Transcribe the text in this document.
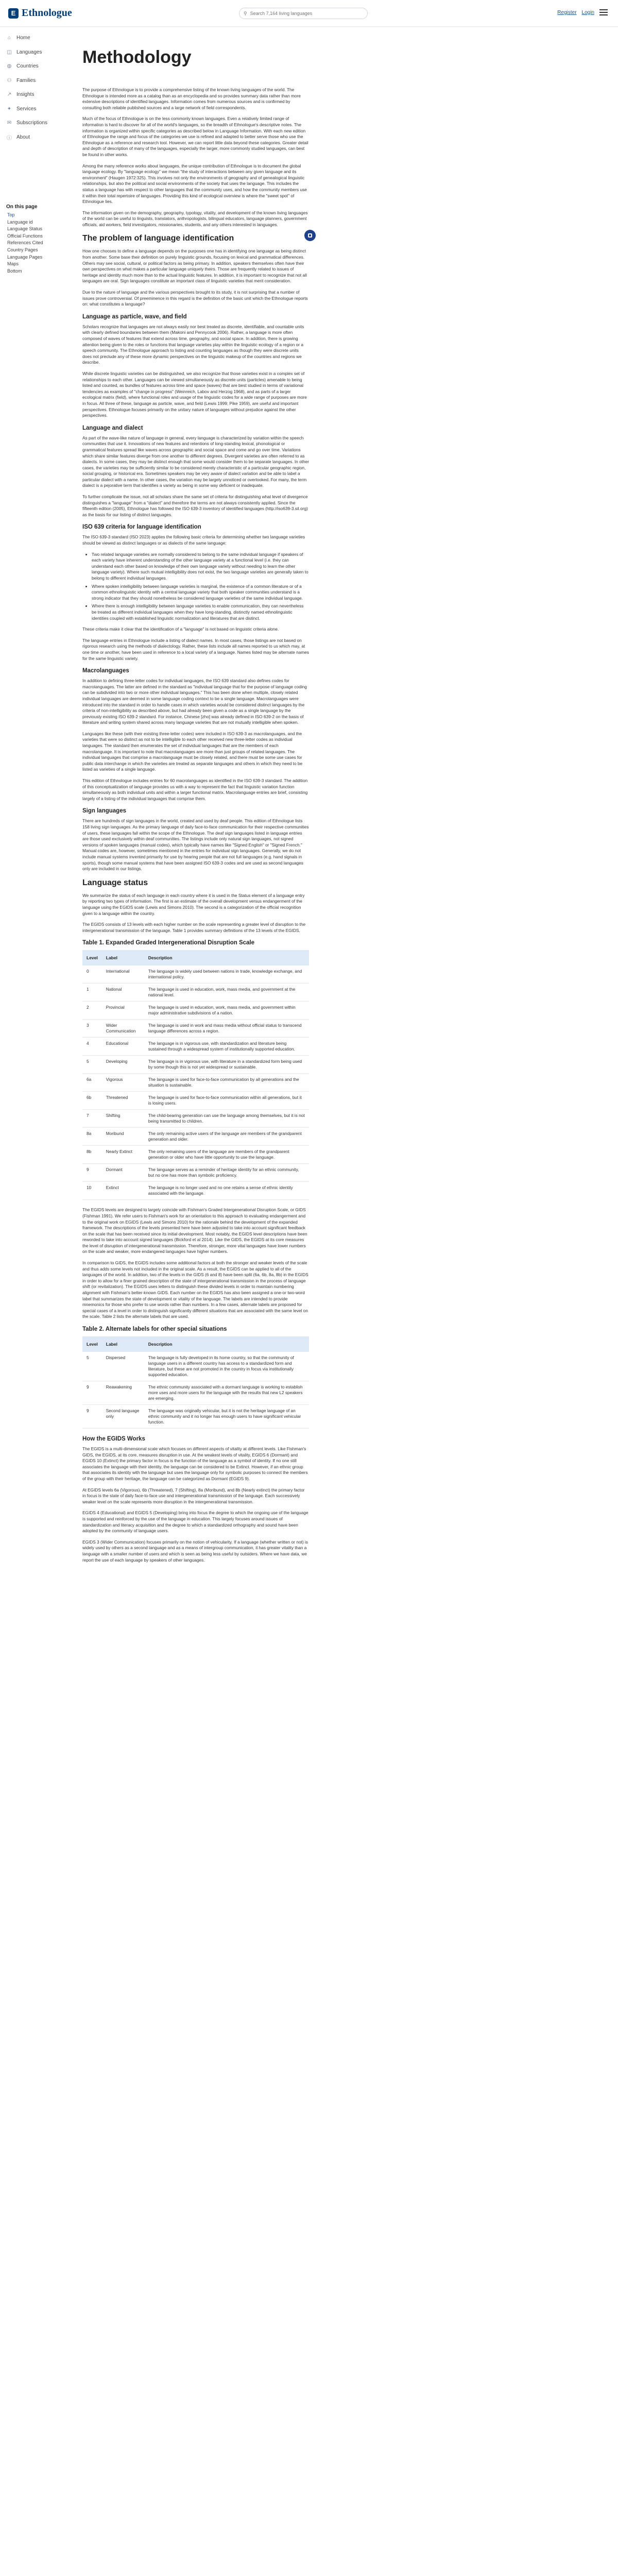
E Ethnologue	⚲
Search 7,164 living languages	Register Login
⌂ Home
◫ Languages
◍ Countries
⚇ Families
↗ Insights
✦ Services
✉ Subscriptions
ⓘ About
On this page
Top
Language id
Language Status
Official Functions
References Cited
Country Pages
Language Pages
Maps
Bottom
Methodology

The purpose of Ethnologue is to provide a comprehensive listing of the known living languages of the world. The Ethnologue is intended more as a catalog than as an encyclopedia and so provides summary data rather than more extensive descriptions of identified languages. Information comes from numerous sources and is confirmed by consulting both reliable published sources and a large network of field correspondents.

Much of the focus of Ethnologue is on the less commonly known languages. Even a relatively limited range of information is hard to discover for all of the world's languages, so the breadth of Ethnologue's descriptive notes. The information is organized within specific categories as described below in Language Information. With each new edition of Ethnologue the range and focus of the categories we use is refined and adapted to better serve those who use the Ethnologue as a reference and research tool. However, we can report little data beyond these categories. Greater detail and depth of description of many of the languages, especially the larger, more commonly studied languages, can best be found in other works.

Among the many reference works about languages, the unique contribution of Ethnologue is to document the global language ecology. By "language ecology" we mean "the study of interactions between any given language and its environment" (Haugen 1972:325). This involves not only the environments of geography and of genealogical linguistic relationships, but also the political and social environments of the society that uses the language. This includes the status a language has with respect to other languages that the community uses, and how the community members use it within their total repertoire of languages. Providing this kind of ecological overview is where the "sweet spot" of Ethnologue lies.

The information given on the demography, geography, typology, vitality, and development of the known living languages of the world can be useful to linguists, translators, anthropologists, bilingual educators, language planners, government officials, aid workers, field investigators, missionaries, students, and any others interested in languages.

The problem of language identification

How one chooses to define a language depends on the purposes one has in identifying one language as being distinct from another. Some base their definition on purely linguistic grounds, focusing on lexical and grammatical differences. Others may see social, cultural, or political factors as being primary. In addition, speakers themselves often have their own perspectives on what makes a particular language uniquely theirs. Those are frequently related to issues of heritage and identity much more than to the actual linguistic features. In addition, it is important to recognize that not all languages are oral. Sign languages constitute an important class of linguistic varieties that merit consideration.

Due to the nature of language and the various perspectives brought to its study, it is not surprising that a number of issues prove controversial. Of preeminence in this regard is the definition of the basic unit which the Ethnologue reports on: what constitutes a language?

Language as particle, wave, and field

Scholars recognize that languages are not always easily nor best treated as discrete, identifiable, and countable units with clearly defined boundaries between them (Makoni and Pennycook 2006). Rather, a language is more often composed of waves of features that extend across time, geography, and social space. In addition, there is growing attention being given to the roles or functions that language varieties play within the linguistic ecology of a region or a speech community. The Ethnologue approach to listing and counting languages as though they were discrete units does not preclude any of these more dynamic perspectives on the linguistic makeup of the countries and regions we describe.

While discrete linguistic varieties can be distinguished, we also recognize that those varieties exist in a complex set of relationships to each other. Languages can be viewed simultaneously as discrete units (particles) amenable to being listed and counted, as bundles of features across time and space (waves) that are best studied in terms of variational tendencies as examples of "change in progress" (Weinreich, Labov and Herzog 1968), and as parts of a larger ecological matrix (field), where functional roles and usage of the linguistic codes for a wide range of purposes are more in focus. All three of these, language as particle, wave, and field (Lewis 1999; Pike 1959), are useful and important perspectives. Ethnologue focuses primarily on the unitary nature of languages without prejudice against the other perspectives.

Language and dialect

As part of the wave-like nature of language in general, every language is characterized by variation within the speech communities that use it. Innovations of new features and retentions of long-standing lexical, phonological or grammatical features spread like waves across geographic and social space and come and go over time. Variations which share similar features diverge from one another to different degrees. Divergent varieties are often referred to as dialects. In some cases, they may be distinct enough that some would consider them to be separate languages. In other cases, the varieties may be sufficiently similar to be considered merely characteristic of a particular geographic region, social grouping, or historical era. Sometimes speakers may be very aware of dialect variation and be able to label a particular dialect with a name. In other cases, the variation may be largely unnoticed or overlooked. For many, the term dialect is a pejorative term that identifies a variety as being in some way deficient or inadequate.

To further complicate the issue, not all scholars share the same set of criteria for distinguishing what level of divergence distinguishes a "language" from a "dialect" and therefore the terms are not always consistently applied. Since the fifteenth edition (2005), Ethnologue has followed the ISO 639-3 inventory of identified languages (http://iso639-3.sil.org) as the basis for our listing of distinct languages.

ISO 639 criteria for language identification

The ISO 639-3 standard (ISO 2023) applies the following basic criteria for determining whether two language varieties should be viewed as distinct languages or as dialects of the same language:

• Two related language varieties are normally considered to belong to the same individual language if speakers of each variety have inherent understanding of the other language variety at a functional level (i.e. they can understand each other based on knowledge of their own language variety without needing to learn the other language variety). Where such mutual intelligibility does not exist, the two language varieties are generally taken to belong to different individual languages.
• Where spoken intelligibility between language varieties is marginal, the existence of a common literature or of a common ethnolinguistic identity with a central language variety that both speaker communities understand is a strong indicator that they should nonetheless be considered language varieties of the same individual language.
• Where there is enough intelligibility between language varieties to enable communication, they can nevertheless be treated as different individual languages when they have long-standing, distinctly named ethnolinguistic identities coupled with established linguistic normalization and literatures that are distinct.

These criteria make it clear that the identification of a "language" is not based on linguistic criteria alone.

The language entries in Ethnologue include a listing of dialect names. In most cases, those listings are not based on rigorous research using the methods of dialectology. Rather, these lists include all names reported to us which may, at one time or another, have been used in reference to a local variety of a language. Names listed may be alternate names for the same linguistic variety.

Macrolanguages

In addition to defining three-letter codes for individual languages, the ISO 639 standard also defines codes for macrolanguages. The latter are defined in the standard as "individual language that for the purpose of language coding can be subdivided into two or more other individual languages." This has been done when multiple, closely related individual languages are deemed in some language coding context to be a single language. Macrolanguages were introduced into the standard in order to handle cases in which varieties would be considered distinct languages by the criteria of non-intelligibility as described above, but had already been given a code as a single language by the previously existing ISO 639-2 standard. For instance, Chinese [zho] was already defined in ISO 639-2 on the basis of literature and writing system shared across many language varieties that are not mutually intelligible when spoken.

Languages like these (with their existing three-letter codes) were included in ISO 639-3 as macrolanguages, and the varieties that were so distinct as not to be intelligible to each other received new three-letter codes as individual languages. The standard then enumerates the set of individual languages that are the members of each macrolanguage. It is important to note that macrolanguages are more than just groups of related languages. The individual languages that comprise a macrolanguage must be closely related, and there must be some use cases for public data interchange in which the varieties are treated as separate languages and others in which they need to be listed as varieties of a single language.

This edition of Ethnologue includes entries for 60 macrolanguages as identified in the ISO 639-3 standard. The addition of this conceptualization of language provides us with a way to represent the fact that linguistic variation function simultaneously as both individual units and within a larger functional matrix. Macrolanguage entries are brief, consisting largely of a listing of the individual languages that comprise them.

Sign languages

There are hundreds of sign languages in the world, created and used by deaf people. This edition of Ethnologue lists 158 living sign languages. As the primary language of daily face-to-face communication for their respective communities of users, these languages fall within the scope of the Ethnologue. The deaf sign languages listed in language entries are those used exclusively within deaf communities. The listings include only natural sign languages, not signed versions of spoken languages (manual codes), which typically have names like "Signed English" or "Signed French." Manual codes are, however, sometimes mentioned in the entries for individual sign languages. Generally, we do not include manual systems invented primarily for use by hearing people that are not full languages (e.g. hand signals in sports), though some manual systems that have been assigned ISO 639-3 codes and are used as second languages only are included in our listings.

Language status

We summarize the status of each language in each country where it is used in the Status element of a language entry by reporting two types of information. The first is an estimate of the overall development versus endangerment of the language using the EGIDS scale (Lewis and Simons 2010). The second is a categorization of the official recognition given to a language within the country.

The EGIDS consists of 13 levels with each higher number on the scale representing a greater level of disruption to the intergenerational transmission of the language. Table 1 provides summary definitions of the 13 levels of the EGIDS.

Table 1. Expanded Graded Intergenerational Disruption Scale
Level	Label	Description
0	International	The language is widely used between nations in trade, knowledge exchange, and international policy.
1	National	The language is used in education, work, mass media, and government at the national level.
2	Provincial	The language is used in education, work, mass media, and government within major administrative subdivisions of a nation.
3	Wider Communication	The language is used in work and mass media without official status to transcend language differences across a region.
4	Educational	The language is in vigorous use, with standardization and literature being sustained through a widespread system of institutionally supported education.
5	Developing	The language is in vigorous use, with literature in a standardized form being used by some though this is not yet widespread or sustainable.
6a	Vigorous	The language is used for face-to-face communication by all generations and the situation is sustainable.
6b	Threatened	The language is used for face-to-face communication within all generations, but it is losing users.
7	Shifting	The child-bearing generation can use the language among themselves, but it is not being transmitted to children.
8a	Moribund	The only remaining active users of the language are members of the grandparent generation and older.
8b	Nearly Extinct	The only remaining users of the language are members of the grandparent generation or older who have little opportunity to use the language.
9	Dormant	The language serves as a reminder of heritage identity for an ethnic community, but no one has more than symbolic proficiency.
10	Extinct	The language is no longer used and no one retains a sense of ethnic identity associated with the language.

The EGIDS levels are designed to largely coincide with Fishman's Graded Intergenerational Disruption Scale, or GIDS (Fishman 1991). We refer users to Fishman's work for an orientation to this approach to evaluating endangerment and to the original work on EGIDS (Lewis and Simons 2010) for the rationale behind the development of the expanded framework. The descriptions of the levels presented here have been adjusted to take into account significant feedback on the scale that has been received since its initial development. Most notably, the EGIDS level descriptions have been reworded to take into account signed languages (Bickford et al 2014). Like the GIDS, the EGIDS at its core measures the level of disruption of intergenerational transmission. Therefore, stronger, more vital languages have lower numbers on the scale and weaker, more endangered languages have higher numbers.

In comparison to GIDS, the EGIDS includes some additional factors at both the stronger and weaker levels of the scale and thus adds some levels not included in the original scale. As a result, the EGIDS can be applied to all of the languages of the world. In addition, two of the levels in the GIDS (6 and 8) have been split (6a, 6b, 8a, 8b) in the EGIDS in order to allow for a finer grained description of the state of intergenerational transmission in the process of language shift (or revitalization). The EGIDS uses letters to distinguish these divided levels in order to maintain numbering alignment with Fishman's better-known GIDS. Each number on the EGIDS has also been assigned a one-or two-word label that summarizes the state of development or vitality of the language. The labels are intended to provide mnemonics for those who prefer to use words rather than numbers. In a few cases, alternate labels are proposed for special cases of a level in order to distinguish significantly different situations that are associated with the same level on the scale. Table 2 lists the alternate labels that are used.

Table 2. Alternate labels for other special situations
Level	Label	Description
5	Dispersed	The language is fully developed in its home country, so that the community of language users in a different country has access to a standardized form and literature, but these are not promoted in the country in focus via institutionally supported education.
9	Reawakening	The ethnic community associated with a dormant language is working to establish more uses and more users for the language with the results that new L2 speakers are emerging.
9	Second language only	The language was originally vehicular, but it is not the heritage language of an ethnic community and it no longer has enough users to have significant vehicular function.
How the EGIDS Works

The EGIDS is a multi-dimensional scale which focuses on different aspects of vitality at different levels. Like Fishman's GIDS, the EGIDS, at its core, measures disruption in use. At the weakest levels of vitality, EGIDS 6 (Dormant) and EGIDS 10 (Extinct) the primary factor in focus is the function of the language as a symbol of identity. If no one still associates the language with their identity, the language can be considered to be Extinct. However, if an ethnic group that associates its identity with the language but uses the language only for symbolic purposes to connect the members of the group with their heritage, the language can be categorized as Dormant (EGIDS 9).

At EGIDS levels 6a (Vigorous), 6b (Threatened), 7 (Shifting), 8a (Moribund), and 8b (Nearly extinct) the primary factor in focus is the state of daily face-to-face use and intergenerational transmission of the language. Each successively weaker level on the scale represents more disruption in the intergenerational transmission.

EGIDS 4 (Educational) and EGIDS 5 (Developing) bring into focus the degree to which the ongoing use of the language is supported and reinforced by the use of the language in education. This largely focuses around issues of standardization and literacy acquisition and the degree to which a standardized orthography and sound have been adopted by the community of language users.

EGIDS 3 (Wider Communication) focuses primarily on the notion of vehicularity. If a language (whether written or not) is widely used by others as a second language and as a means of intergroup communication, it has greater vitality than a language with a smaller number of users and which is seen as being less useful by outsiders. Where we have data, we report the use of each language by speakers of other languages.
